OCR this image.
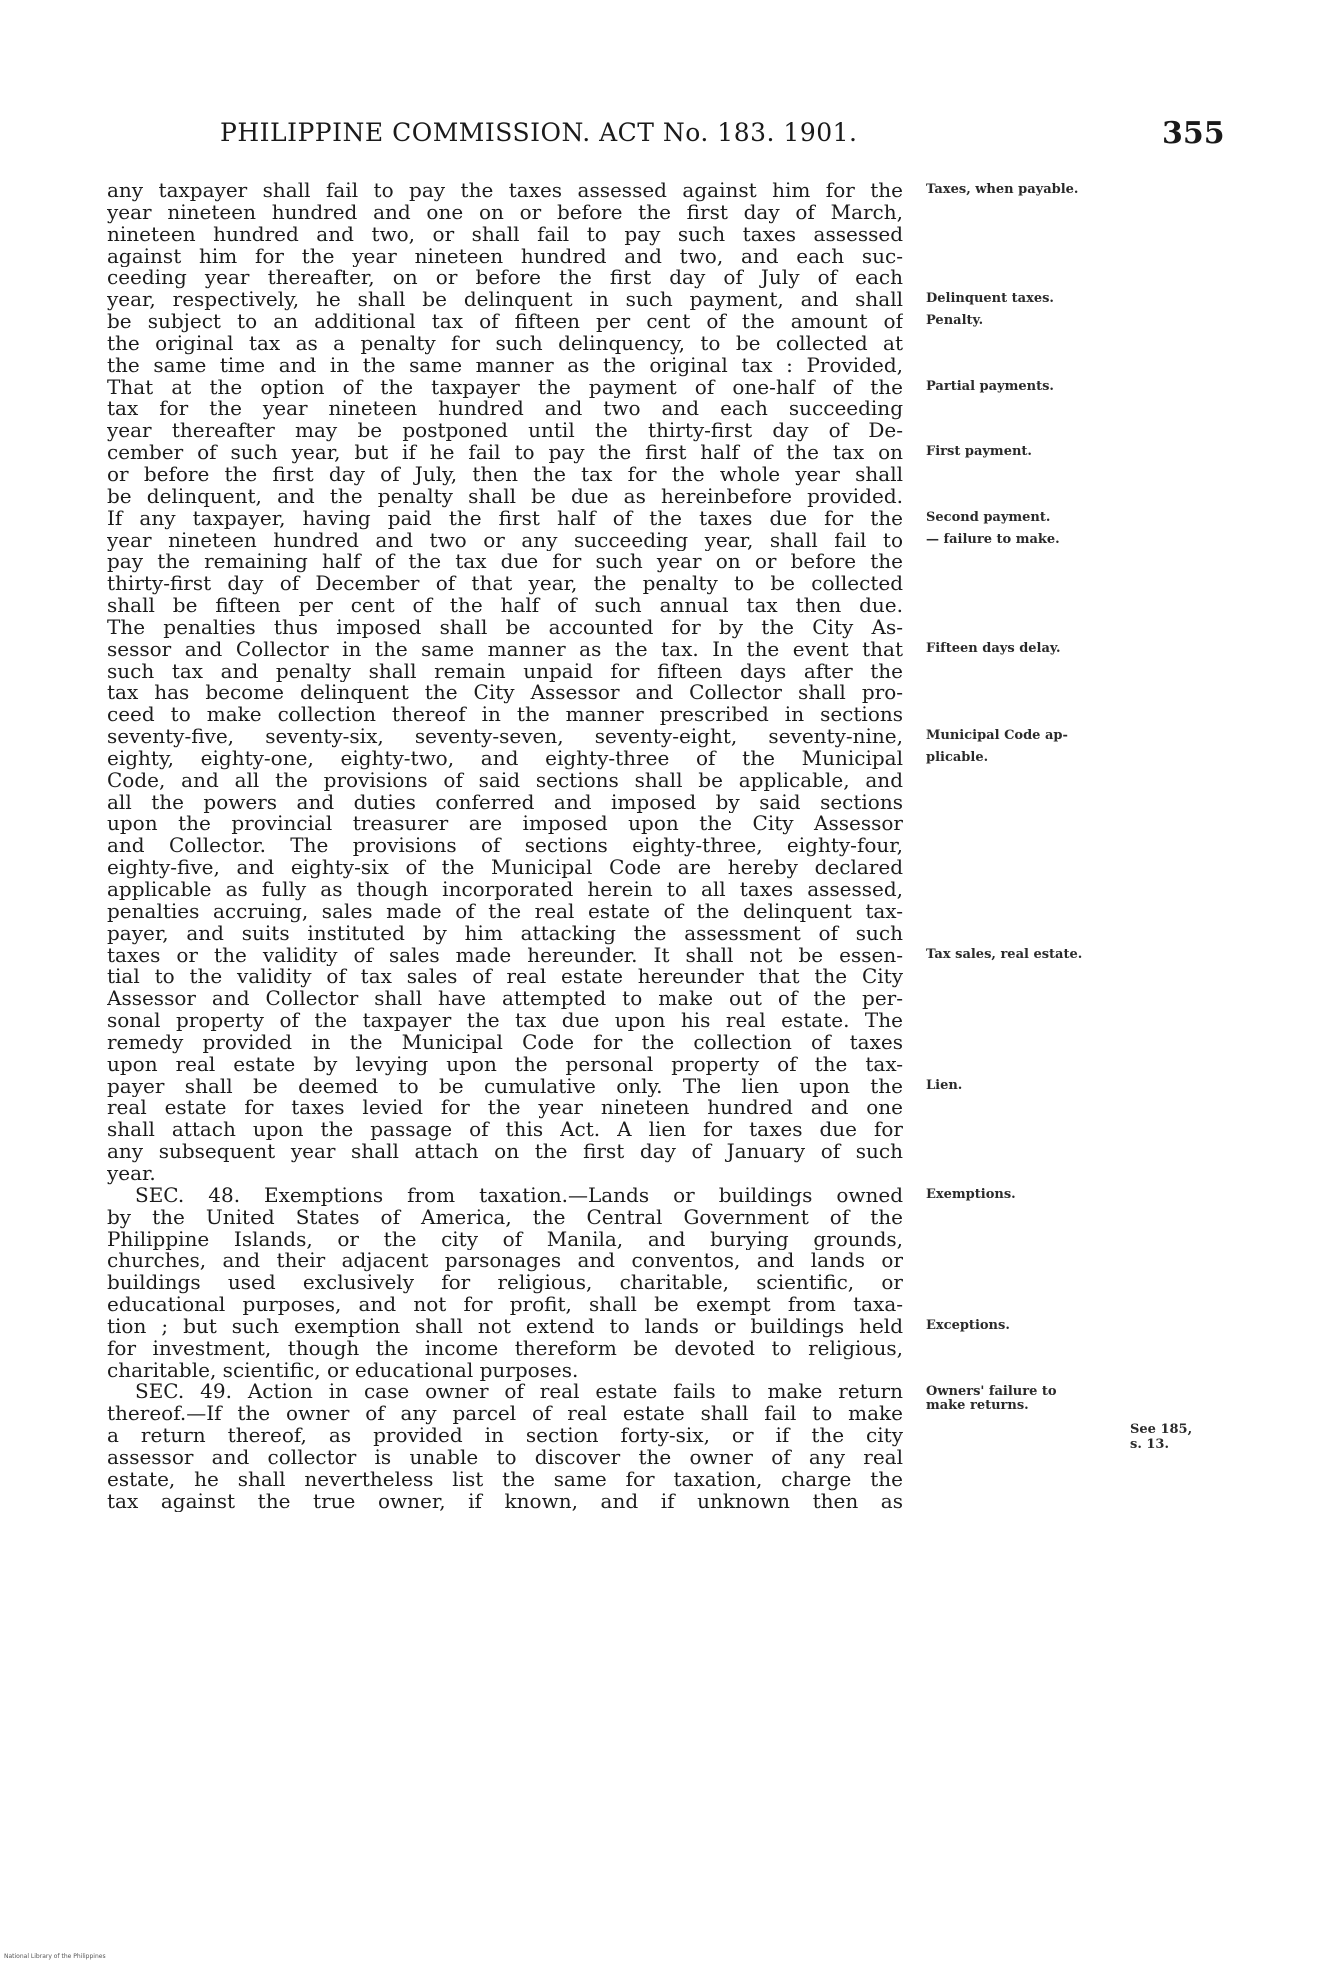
PHILIPPINE COMMISSION. ACT No. 183. 1901.	355
any taxpayer shall fail to pay the taxes assessed against him for the
year nineteen hundred and one on or before the first day of March,
nineteen hundred and two, or shall fail to pay such taxes assessed
against him for the year nineteen hundred and two, and each suc-
ceeding year thereafter, on or before the first day of July of each
year, respectively, he shall be delinquent in such payment, and shall
be subject to an additional tax of fifteen per cent of the amount of
the original tax as a penalty for such delinquency, to be collected at
the same time and in the same manner as the original tax : Provided,
That at the option of the taxpayer the payment of one-half of the
tax for the year nineteen hundred and two and each succeeding
year thereafter may be postponed until the thirty-first day of De-
cember of such year, but if he fail to pay the first half of the tax on
or before the first day of July, then the tax for the whole year shall
be delinquent, and the penalty shall be due as hereinbefore provided.
If any taxpayer, having paid the first half of the taxes due for the
year nineteen hundred and two or any succeeding year, shall fail to
pay the remaining half of the tax due for such year on or before the
thirty-first day of December of that year, the penalty to be collected
shall be fifteen per cent of the half of such annual tax then due.
The penalties thus imposed shall be accounted for by the City As-
sessor and Collector in the same manner as the tax. In the event that
such tax and penalty shall remain unpaid for fifteen days after the
tax has become delinquent the City Assessor and Collector shall pro-
ceed to make collection thereof in the manner prescribed in sections
seventy-five, seventy-six, seventy-seven, seventy-eight, seventy-nine,
eighty, eighty-one, eighty-two, and eighty-three of the Municipal
Code, and all the provisions of said sections shall be applicable, and
all the powers and duties conferred and imposed by said sections
upon the provincial treasurer are imposed upon the City Assessor
and Collector. The provisions of sections eighty-three, eighty-four,
eighty-five, and eighty-six of the Municipal Code are hereby declared
applicable as fully as though incorporated herein to all taxes assessed,
penalties accruing, sales made of the real estate of the delinquent tax-
payer, and suits instituted by him attacking the assessment of such
taxes or the validity of sales made hereunder. It shall not be essen-
tial to the validity of tax sales of real estate hereunder that the City
Assessor and Collector shall have attempted to make out of the per-
sonal property of the taxpayer the tax due upon his real estate. The
remedy provided in the Municipal Code for the collection of taxes
upon real estate by levying upon the personal property of the tax-
payer shall be deemed to be cumulative only. The lien upon the
real estate for taxes levied for the year nineteen hundred and one
shall attach upon the passage of this Act. A lien for taxes due for
any subsequent year shall attach on the first day of January of such
year.
SEC. 48. Exemptions from taxation.—Lands or buildings owned
by the United States of America, the Central Government of the
Philippine Islands, or the city of Manila, and burying grounds,
churches, and their adjacent parsonages and conventos, and lands or
buildings used exclusively for religious, charitable, scientific, or
educational purposes, and not for profit, shall be exempt from taxa-
tion ; but such exemption shall not extend to lands or buildings held
for investment, though the income thereform be devoted to religious,
charitable, scientific, or educational purposes.
SEC. 49. Action in case owner of real estate fails to make return
thereof.—If the owner of any parcel of real estate shall fail to make
a return thereof, as provided in section forty-six, or if the city
assessor and collector is unable to discover the owner of any real
estate, he shall nevertheless list the same for taxation, charge the
tax against the true owner, if known, and if unknown then as
Taxes, when payable.
Delinquent taxes.
Penalty.
Partial payments.
First payment.
Second payment.
— failure to make.
Fifteen days delay.
Municipal Code ap-
plicable.
Tax sales, real estate.
Lien.
Exemptions.
Exceptions.
Owners' failure to
make returns.
See 185,
s. 13.
National Library of the Philippines
